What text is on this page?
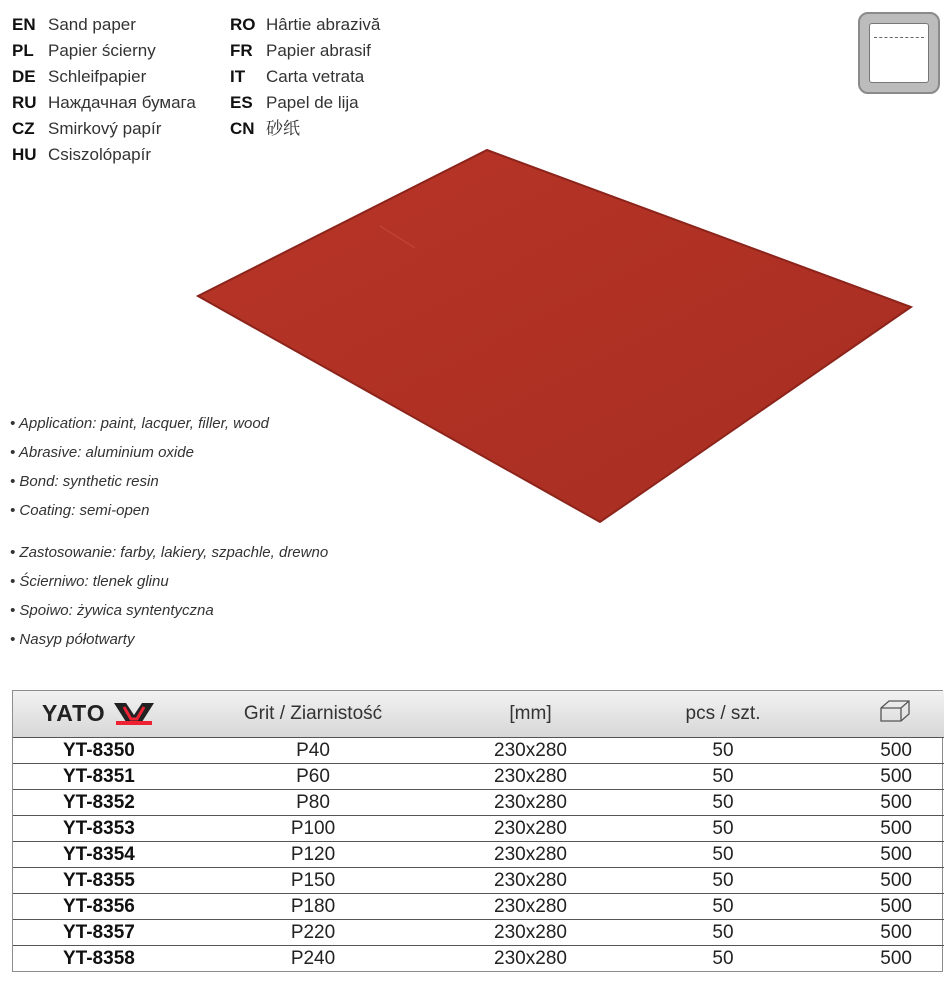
EN Sand paper
PL Papier ścierny
DE Schleifpapier
RU Наждачная бумага
CZ Smirkový papír
HU Csiszolópapír
RO Hârtie abrazivă
FR Papier abrasif
IT Carta vetrata
ES Papel de lija
CN 砂纸
• Application: paint, lacquer, filler, wood
• Abrasive: aluminium oxide
• Bond: synthetic resin
• Coating: semi-open
• Zastosowanie: farby, lakiery, szpachle, drewno
• Ścierniwo: tlenek glinu
• Spoiwo: żywica syntentyczna
• Nasyp półotwarty
YATO	Grit / Ziarnistość	[mm]	pcs / szt.	
YT-8350	P40	230x280	50	500
YT-8351	P60	230x280	50	500
YT-8352	P80	230x280	50	500
YT-8353	P100	230x280	50	500
YT-8354	P120	230x280	50	500
YT-8355	P150	230x280	50	500
YT-8356	P180	230x280	50	500
YT-8357	P220	230x280	50	500
YT-8358	P240	230x280	50	500
